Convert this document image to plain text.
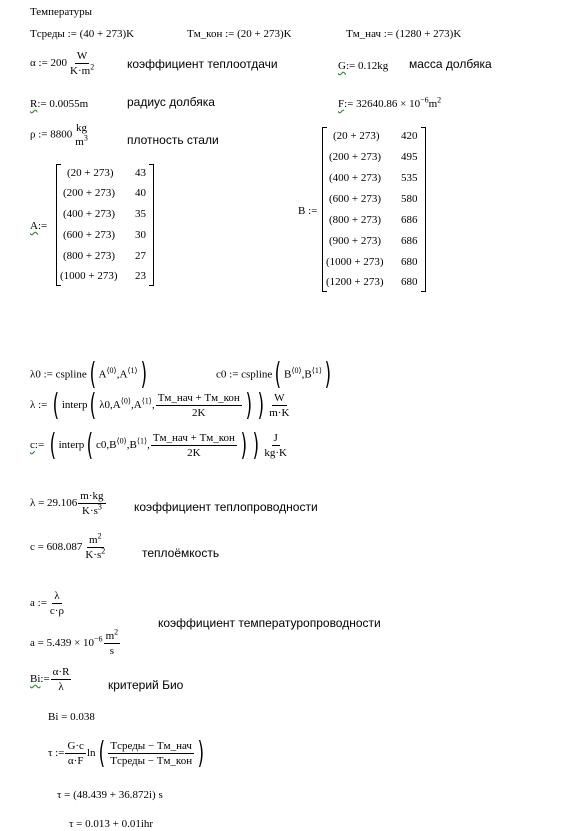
Температуры
Tсреды := (40 + 273)K	Tм_кон := (20 + 273)K	Tм_нач := (1280 + 273)K
α := $200 \frac{W}{K\cdot m^2}$	коэффициент теплоотдачи	G:= 0.12kg масса долбяка
R:= 0.0055m	радиус долбяка	F:= $32640.86 \times 10^{-6}m^2$
ρ := 8800
kg
$m^3$	плотность стали
A:=
(20 + 273) 43
(200 + 273) 40
(400 + 273) 35
(600 + 273) 30
(800 + 273) 27
(1000 + 273) 23
B :=
(20 + 273) 420
(200 + 273) 495
(400 + 273) 535
(600 + 273) 580
(800 + 273) 686
(900 + 273) 686
(1000 + 273) 680
(1200 + 273) 680
λ0 := cspline( $A^{⟨0⟩},A^{⟨1⟩}$)	c0 := cspline( $B^{⟨0⟩},B^{⟨1⟩}$)
λ := ( interp( $\lambda 0,A^{⟨0⟩},A^{⟨1⟩}$, $\frac{\text{Tм\_нач + Tм\_кон}}{2K}$ ) ) $\frac{W}{m\cdot K}$
c:= ( interp( $c0,B^{⟨0⟩},B^{⟨1⟩}$, $\frac{\text{Tм\_нач + Tм\_кон}}{2K}$ ) ) $\frac{J}{kg\cdot K}$
$\lambda = 29.106 \frac{m\cdot kg}{K\cdot s^3}$ коэффициент теплопроводности
$c = 608.087 \frac{m^2}{K\cdot s^2}$	теплоёмкость
a := $\frac{\lambda}{c\cdot\rho}$
коэффициент температуропроводности
$a = 5.439 \times 10^{-6} \frac{m^2}{s}$
Bi:= $\frac{\alpha\cdot R}{\lambda}$	критерий Био
Bi = 0.038
τ := $\frac{G\cdot c}{\alpha\cdot F} \ln( \frac{\text{Tсреды − Tм\_нач}}{\text{Tсреды − Tм\_кон}}$ )
τ = (48.439 + 36.872i) s
τ = 0.013 + 0.01ihr
